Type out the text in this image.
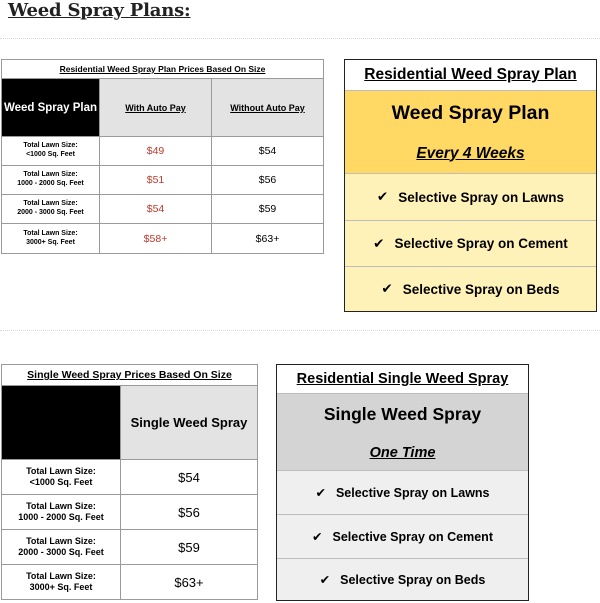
Weed Spray Plans:
Residential Weed Spray Plan Prices Based On Size
Weed Spray Plan	With Auto Pay	Without Auto Pay
Total Lawn Size:
<1000 Sq. Feet	$49	$54
Total Lawn Size:
1000 - 2000 Sq. Feet	$51	$56
Total Lawn Size:
2000 - 3000 Sq. Feet	$54	$59
Total Lawn Size:
3000+ Sq. Feet	$58+	$63+
Residential Weed Spray Plan
Weed Spray Plan
Every 4 Weeks
✔ Selective Spray on Lawns
✔ Selective Spray on Cement
✔ Selective Spray on Beds
Single Weed Spray Prices Based On Size
Single Weed Spray
Total Lawn Size:
<1000 Sq. Feet	$54
Total Lawn Size:
1000 - 2000 Sq. Feet	$56
Total Lawn Size:
2000 - 3000 Sq. Feet	$59
Total Lawn Size:
3000+ Sq. Feet	$63+
Residential Single Weed Spray
Single Weed Spray
One Time
✔ Selective Spray on Lawns
✔ Selective Spray on Cement
✔ Selective Spray on Beds
